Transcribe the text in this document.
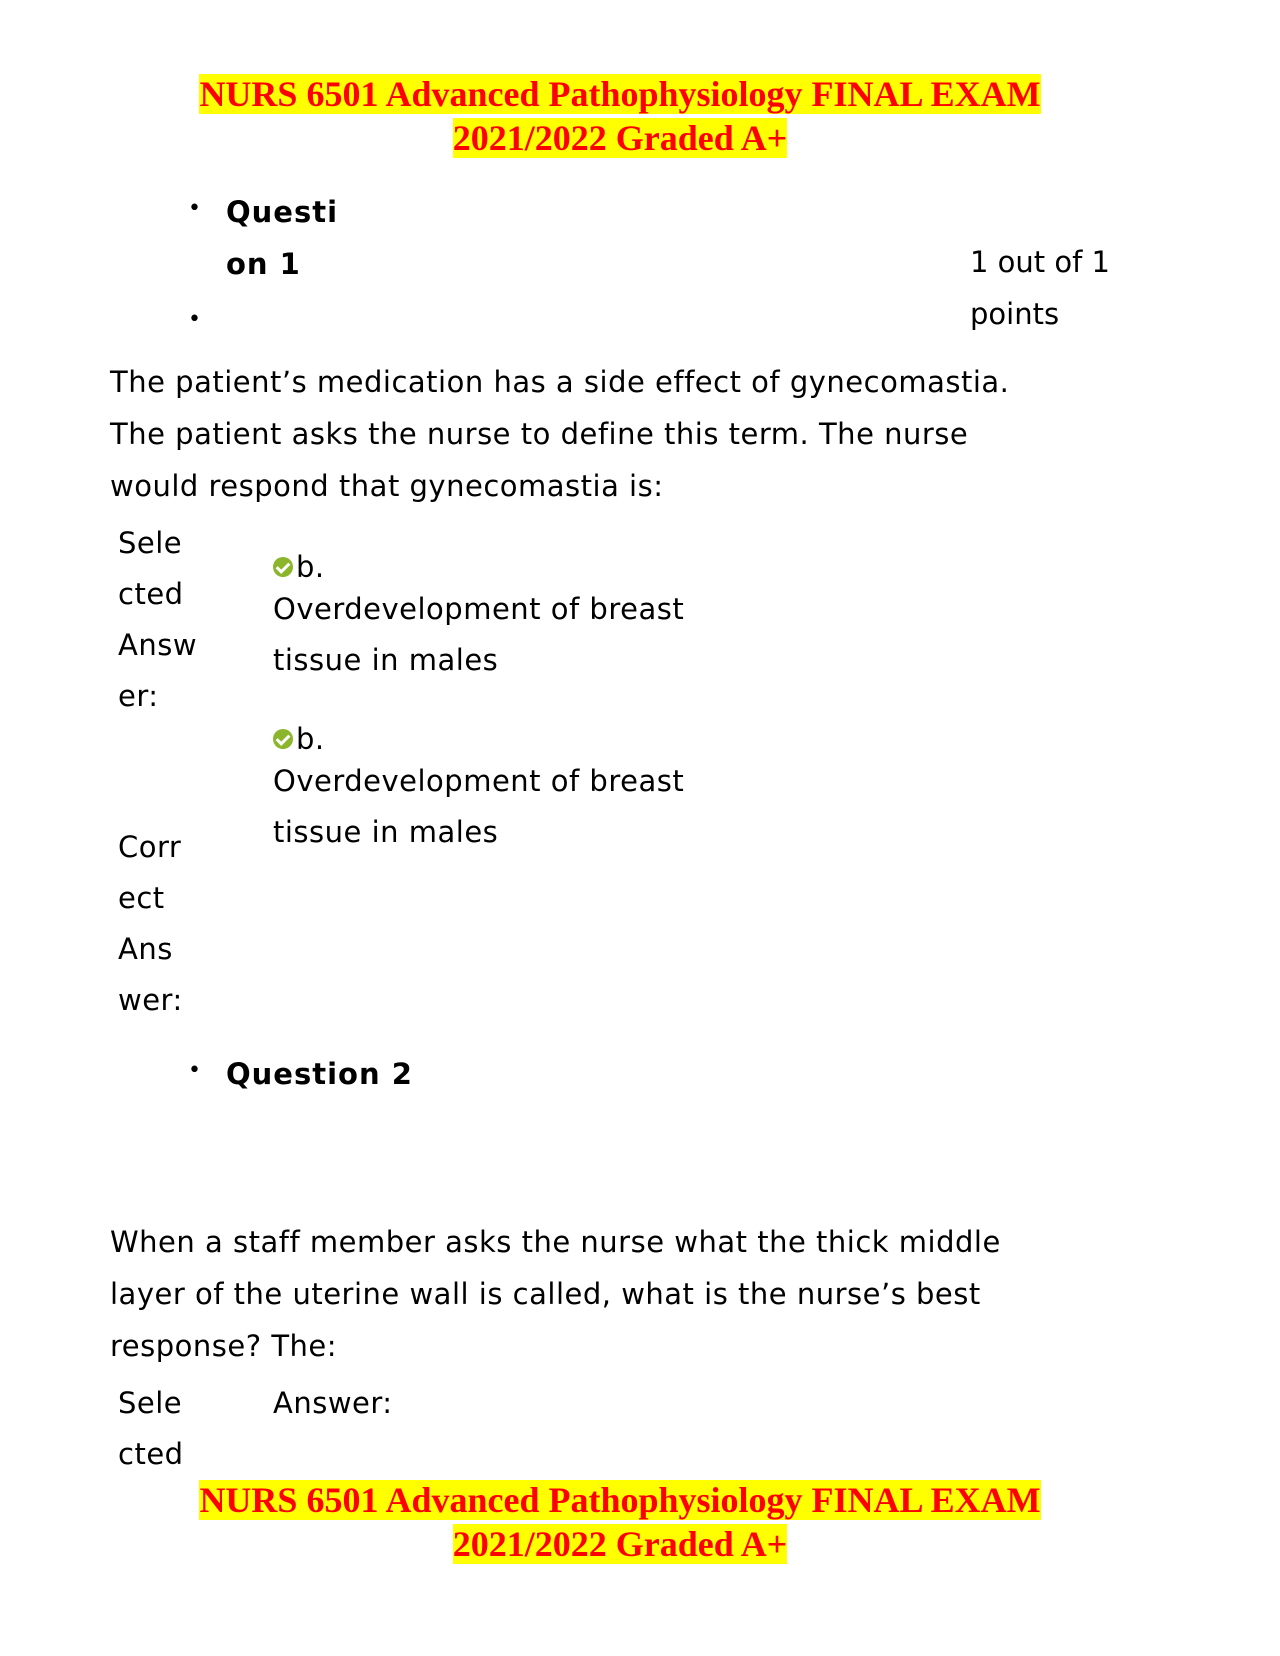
NURS 6501 Advanced Pathophysiology FINAL EXAM
2021/2022 Graded A+
• Questi
on 1
•
1 out of 1
points
The patient’s medication has a side effect of gynecomastia. The patient asks the nurse to define this term. The nurse would respond that gynecomastia is:
Sele cted Answ er:
b.
Overdevelopment of breast tissue in males
b.
Overdevelopment of breast tissue in males
Corr ect Ans wer:
• Question 2
When a staff member asks the nurse what the thick middle layer of the uterine wall is called, what is the nurse’s best response? The:
Sele cted
Answer:
NURS 6501 Advanced Pathophysiology FINAL EXAM
2021/2022 Graded A+
